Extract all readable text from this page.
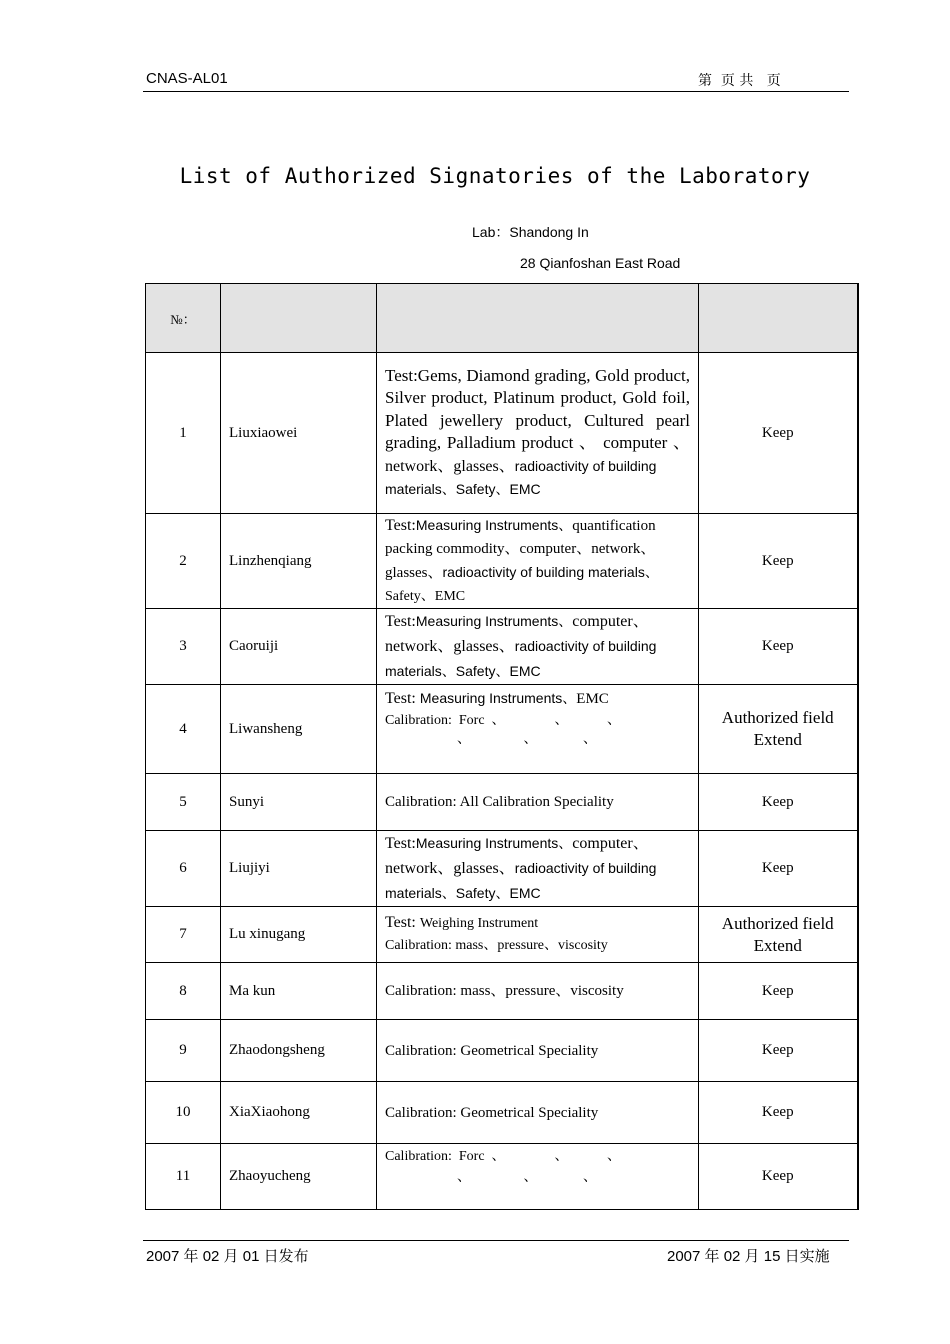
CNAS-AL01	第  页 共   页
List of Authorized Signatories of the Laboratory
Lab：Shandong In
28 Qianfoshan East Road
№：			
1	Liuxiaowei	Test:Gems, Diamond grading, Gold product, Silver product, Platinum product, Gold foil, Plated jewellery product, Cultured pearl grading, Palladium product 、 computer 、
network、glasses、radioactivity of building
materials、Safety、EMC	Keep
2	Linzhenqiang	Test:Measuring Instruments、quantification packing commodity、computer、network、glasses、radioactivity of building materials、
Safety、EMC	Keep
3	Caoruiji	Test:Measuring Instruments、computer、network、glasses、radioactivity of building
materials、Safety、EMC	Keep
4	Liwansheng	Test: Measuring Instruments、EMC
Calibration:  Forc  、              、           、
、               、             、	Authorized field Extend

5	Sunyi	Calibration: All Calibration Speciality	Keep
6	Liujiyi	Test:Measuring Instruments、computer、network、glasses、radioactivity of building
materials、Safety、EMC	Keep
7	Lu xinugang	Test: Weighing Instrument
Calibration: mass、pressure、viscosity	Authorized field Extend

8	Ma kun	Calibration: mass、pressure、viscosity	Keep
9	Zhaodongsheng	Calibration: Geometrical Speciality	Keep
10	XiaXiaohong	Calibration: Geometrical Speciality	Keep
11	Zhaoyucheng	Calibration:  Forc  、              、           、
、               、             、	Keep
2007 年 02 月 01 日发布	2007 年 02 月 15 日实施
